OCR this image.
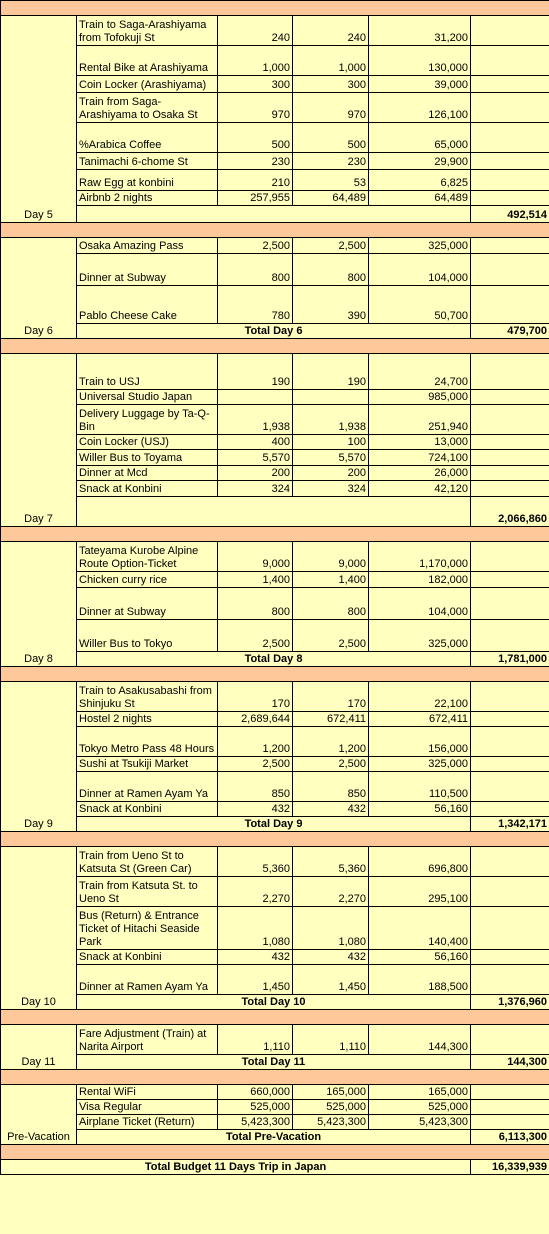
Day 5	Train to Saga-Arashiyama from Tofokuji St	240	240	31,200	
	Rental Bike at Arashiyama	1,000	1,000	130,000	
	Coin Locker (Arashiyama)	300	300	39,000	
	Train from Saga-Arashiyama to Osaka St	970	970	126,100	
	%Arabica Coffee	500	500	65,000	
	Tanimachi 6-chome St	230	230	29,900	
	Raw Egg at konbini	210	53	6,825	
	Airbnb 2 nights	257,955	64,489	64,489	
					492,514

Day 6	Osaka Amazing Pass	2,500	2,500	325,000	
	Dinner at Subway	800	800	104,000	
	Pablo Cheese Cake	780	390	50,700	
	Total Day 6				479,700

Day 7	Train to USJ	190	190	24,700	
	Universal Studio Japan			985,000	
	Delivery Luggage by Ta-Q-Bin	1,938	1,938	251,940	
	Coin Locker (USJ)	400	100	13,000	
	Willer Bus to Toyama	5,570	5,570	724,100	
	Dinner at Mcd	200	200	26,000	
	Snack at Konbini	324	324	42,120	
					2,066,860

Day 8	Tateyama Kurobe Alpine Route Option-Ticket	9,000	9,000	1,170,000	
	Chicken curry rice	1,400	1,400	182,000	
	Dinner at Subway	800	800	104,000	
	Willer Bus to Tokyo	2,500	2,500	325,000	
	Total Day 8				1,781,000

Day 9	Train to Asakusabashi from Shinjuku St	170	170	22,100	
	Hostel 2 nights	2,689,644	672,411	672,411	
	Tokyo Metro Pass 48 Hours	1,200	1,200	156,000	
	Sushi at Tsukiji Market	2,500	2,500	325,000	
	Dinner at Ramen Ayam Ya	850	850	110,500	
	Snack at Konbini	432	432	56,160	
	Total Day 9				1,342,171

Day 10	Train from Ueno St to Katsuta St (Green Car)	5,360	5,360	696,800	
	Train from Katsuta St. to Ueno St	2,270	2,270	295,100	
	Bus (Return) & Entrance Ticket of Hitachi Seaside Park	1,080	1,080	140,400	
	Snack at Konbini	432	432	56,160	
	Dinner at Ramen Ayam Ya	1,450	1,450	188,500	
	Total Day 10				1,376,960

Day 11	Fare Adjustment (Train) at Narita Airport	1,110	1,110	144,300	
	Total Day 11				144,300

Pre-Vacation	Rental WiFi	660,000	165,000	165,000	
	Visa Regular	525,000	525,000	525,000	
	Airplane Ticket (Return)	5,423,300	5,423,300	5,423,300	
	Total Pre-Vacation				6,113,300

Total Budget 11 Days Trip in Japan					16,339,939
